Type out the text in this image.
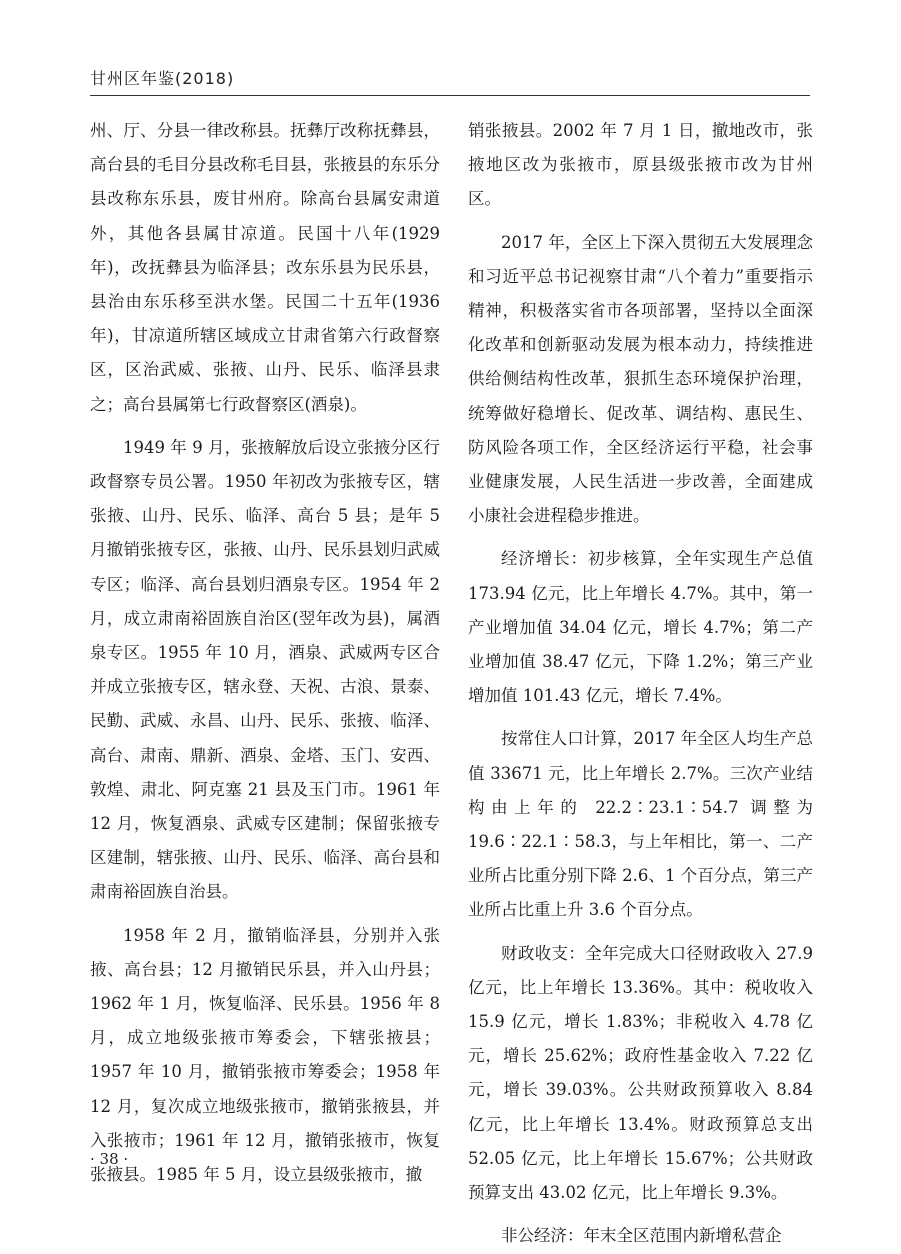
甘州区年鉴(2018)

州、厅、分县一律改称县。抚彝厅改称抚彝县，高台县的毛目分县改称毛目县，张掖县的东乐分县改称东乐县，废甘州府。除高台县属安肃道外，其他各县属甘凉道。民国十八年(1929 年)，改抚彝县为临泽县；改东乐县为民乐县，县治由东乐移至洪水堡。民国二十五年(1936 年)，甘凉道所辖区域成立甘肃省第六行政督察区，区治武威、张掖、山丹、民乐、临泽县隶之；高台县属第七行政督察区(酒泉)。

1949 年 9 月，张掖解放后设立张掖分区行政督察专员公署。1950 年初改为张掖专区，辖张掖、山丹、民乐、临泽、高台 5 县；是年 5 月撤销张掖专区，张掖、山丹、民乐县划归武威专区；临泽、高台县划归酒泉专区。1954 年 2 月，成立肃南裕固族自治区(翌年改为县)，属酒泉专区。1955 年 10 月，酒泉、武威两专区合并成立张掖专区，辖永登、天祝、古浪、景泰、民勤、武威、永昌、山丹、民乐、张掖、临泽、高台、肃南、鼎新、酒泉、金塔、玉门、安西、敦煌、肃北、阿克塞 21 县及玉门市。1961 年 12 月，恢复酒泉、武威专区建制；保留张掖专区建制，辖张掖、山丹、民乐、临泽、高台县和肃南裕固族自治县。

1958 年 2 月，撤销临泽县，分别并入张掖、高台县；12 月撤销民乐县，并入山丹县；1962 年 1 月，恢复临泽、民乐县。1956 年 8 月，成立地级张掖市筹委会，下辖张掖县；1957 年 10 月，撤销张掖市筹委会；1958 年 12 月，复次成立地级张掖市，撤销张掖县，并入张掖市；1961 年 12 月，撤销张掖市，恢复张掖县。1985 年 5 月，设立县级张掖市，撤

销张掖县。2002 年 7 月 1 日，撤地改市，张掖地区改为张掖市，原县级张掖市改为甘州区。

2017 年，全区上下深入贯彻五大发展理念和习近平总书记视察甘肃“八个着力”重要指示精神，积极落实省市各项部署，坚持以全面深化改革和创新驱动发展为根本动力，持续推进供给侧结构性改革，狠抓生态环境保护治理，统筹做好稳增长、促改革、调结构、惠民生、防风险各项工作，全区经济运行平稳，社会事业健康发展，人民生活进一步改善，全面建成小康社会进程稳步推进。

经济增长：初步核算，全年实现生产总值 173.94 亿元，比上年增长 4.7%。其中，第一产业增加值 34.04 亿元，增长 4.7%；第二产业增加值 38.47 亿元，下降 1.2%；第三产业增加值 101.43 亿元，增长 7.4%。

按常住人口计算，2017 年全区人均生产总值 33671 元，比上年增长 2.7%。三次产业结构由上年的 22.2∶23.1∶54.7 调整为 19.6∶22.1∶58.3，与上年相比，第一、二产业所占比重分别下降 2.6、1 个百分点，第三产业所占比重上升 3.6 个百分点。

财政收支：全年完成大口径财政收入 27.9 亿元，比上年增长 13.36%。其中：税收收入 15.9 亿元，增长 1.83%；非税收入 4.78 亿元，增长 25.62%；政府性基金收入 7.22 亿元，增长 39.03%。公共财政预算收入 8.84 亿元，比上年增长 13.4%。财政预算总支出 52.05 亿元，比上年增长 15.67%；公共财政预算支出 43.02 亿元，比上年增长 9.3%。

非公经济：年末全区范围内新增私营企

· 38 ·
